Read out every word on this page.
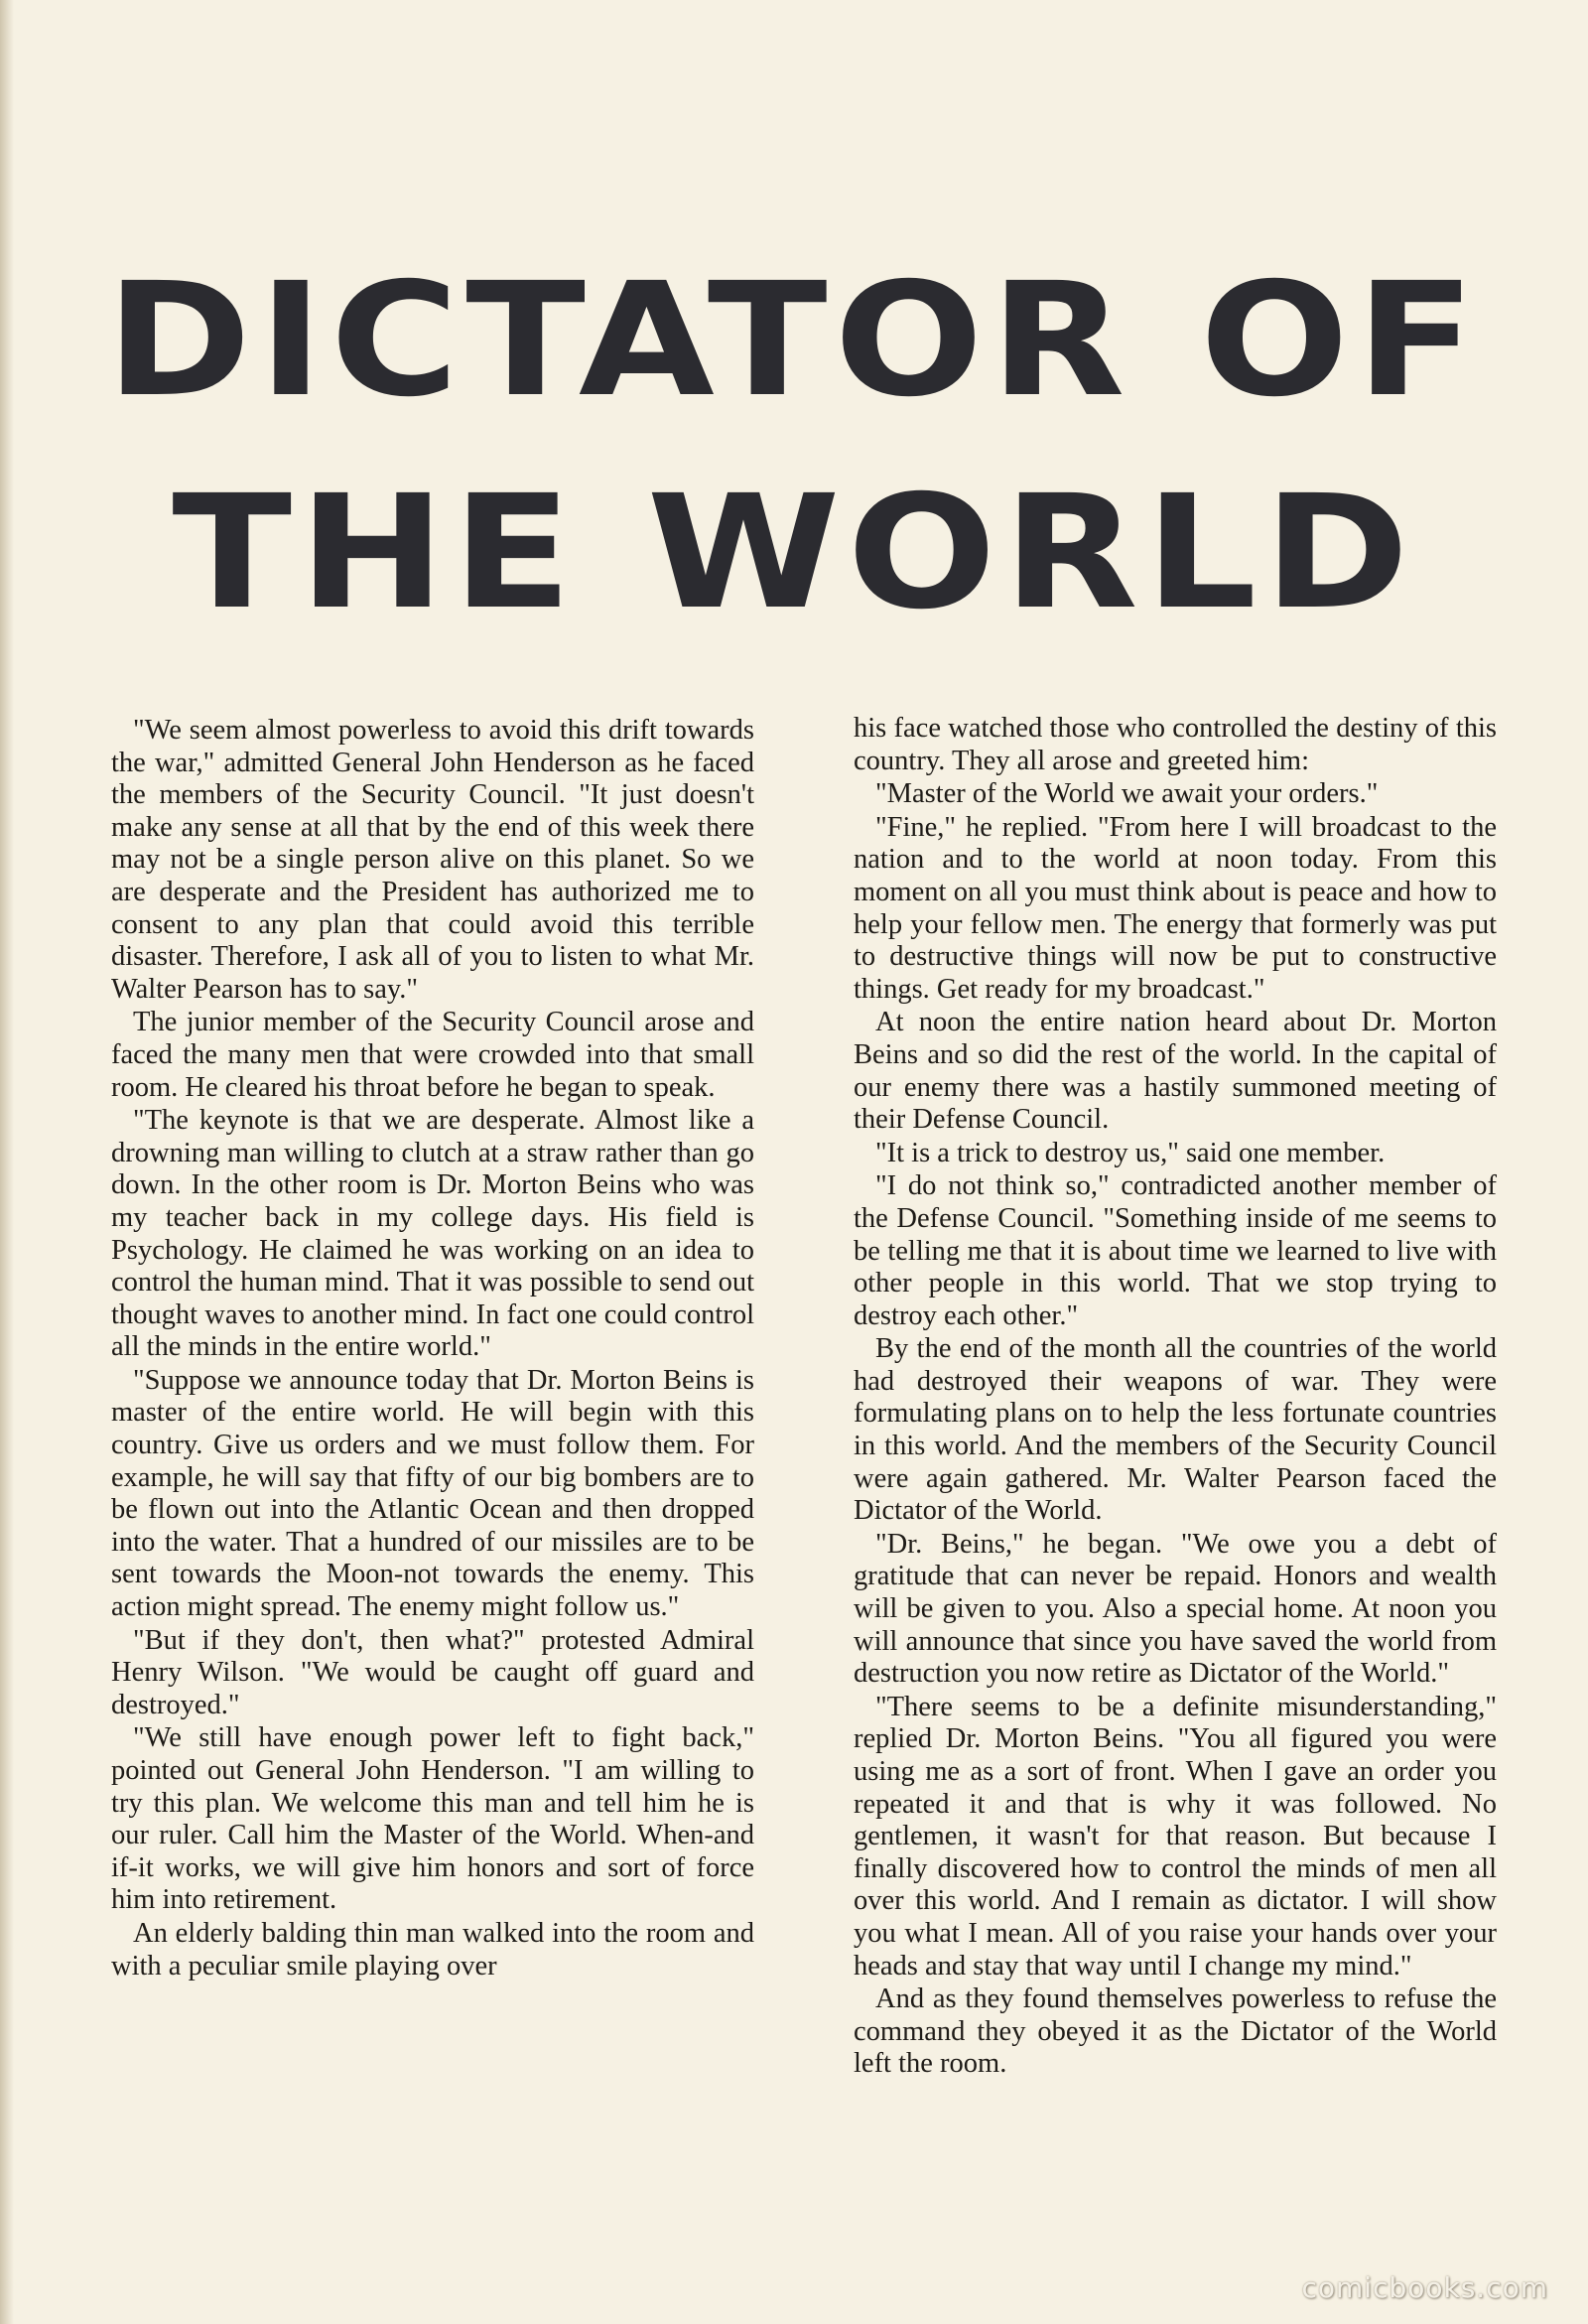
DICTATOR OF
THE WORLD

"We seem almost powerless to avoid this drift towards the war," admitted General John Henderson as he faced the members of the Security Council. "It just doesn't make any sense at all that by the end of this week there may not be a single person alive on this planet. So we are desperate and the President has authorized me to consent to any plan that could avoid this terrible disaster. Therefore, I ask all of you to listen to what Mr. Walter Pearson has to say."

The junior member of the Security Council arose and faced the many men that were crowded into that small room. He cleared his throat before he began to speak.

"The keynote is that we are desperate. Almost like a drowning man willing to clutch at a straw rather than go down. In the other room is Dr. Morton Beins who was my teacher back in my college days. His field is Psychology. He claimed he was working on an idea to control the human mind. That it was possible to send out thought waves to another mind. In fact one could control all the minds in the entire world."

"Suppose we announce today that Dr. Morton Beins is master of the entire world. He will begin with this country. Give us orders and we must follow them. For example, he will say that fifty of our big bombers are to be flown out into the Atlantic Ocean and then dropped into the water. That a hundred of our missiles are to be sent towards the Moon-not towards the enemy. This action might spread. The enemy might follow us."

"But if they don't, then what?" protested Admiral Henry Wilson. "We would be caught off guard and destroyed."

"We still have enough power left to fight back," pointed out General John Henderson. "I am willing to try this plan. We welcome this man and tell him he is our ruler. Call him the Master of the World. When-and if-it works, we will give him honors and sort of force him into retirement.

An elderly balding thin man walked into the room and with a peculiar smile playing over

his face watched those who controlled the destiny of this country. They all arose and greeted him:

"Master of the World we await your orders."

"Fine," he replied. "From here I will broadcast to the nation and to the world at noon today. From this moment on all you must think about is peace and how to help your fellow men. The energy that formerly was put to destructive things will now be put to constructive things. Get ready for my broadcast."

At noon the entire nation heard about Dr. Morton Beins and so did the rest of the world. In the capital of our enemy there was a hastily summoned meeting of their Defense Council.

"It is a trick to destroy us," said one member.

"I do not think so," contradicted another member of the Defense Council. "Something inside of me seems to be telling me that it is about time we learned to live with other people in this world. That we stop trying to destroy each other."

By the end of the month all the countries of the world had destroyed their weapons of war. They were formulating plans on to help the less fortunate countries in this world. And the members of the Security Council were again gathered. Mr. Walter Pearson faced the Dictator of the World.

"Dr. Beins," he began. "We owe you a debt of gratitude that can never be repaid. Honors and wealth will be given to you. Also a special home. At noon you will announce that since you have saved the world from destruction you now retire as Dictator of the World."

"There seems to be a definite misunderstanding," replied Dr. Morton Beins. "You all figured you were using me as a sort of front. When I gave an order you repeated it and that is why it was followed. No gentlemen, it wasn't for that reason. But because I finally discovered how to control the minds of men all over this world. And I remain as dictator. I will show you what I mean. All of you raise your hands over your heads and stay that way until I change my mind."

And as they found themselves powerless to refuse the command they obeyed it as the Dictator of the World left the room.

comicbooks.com
